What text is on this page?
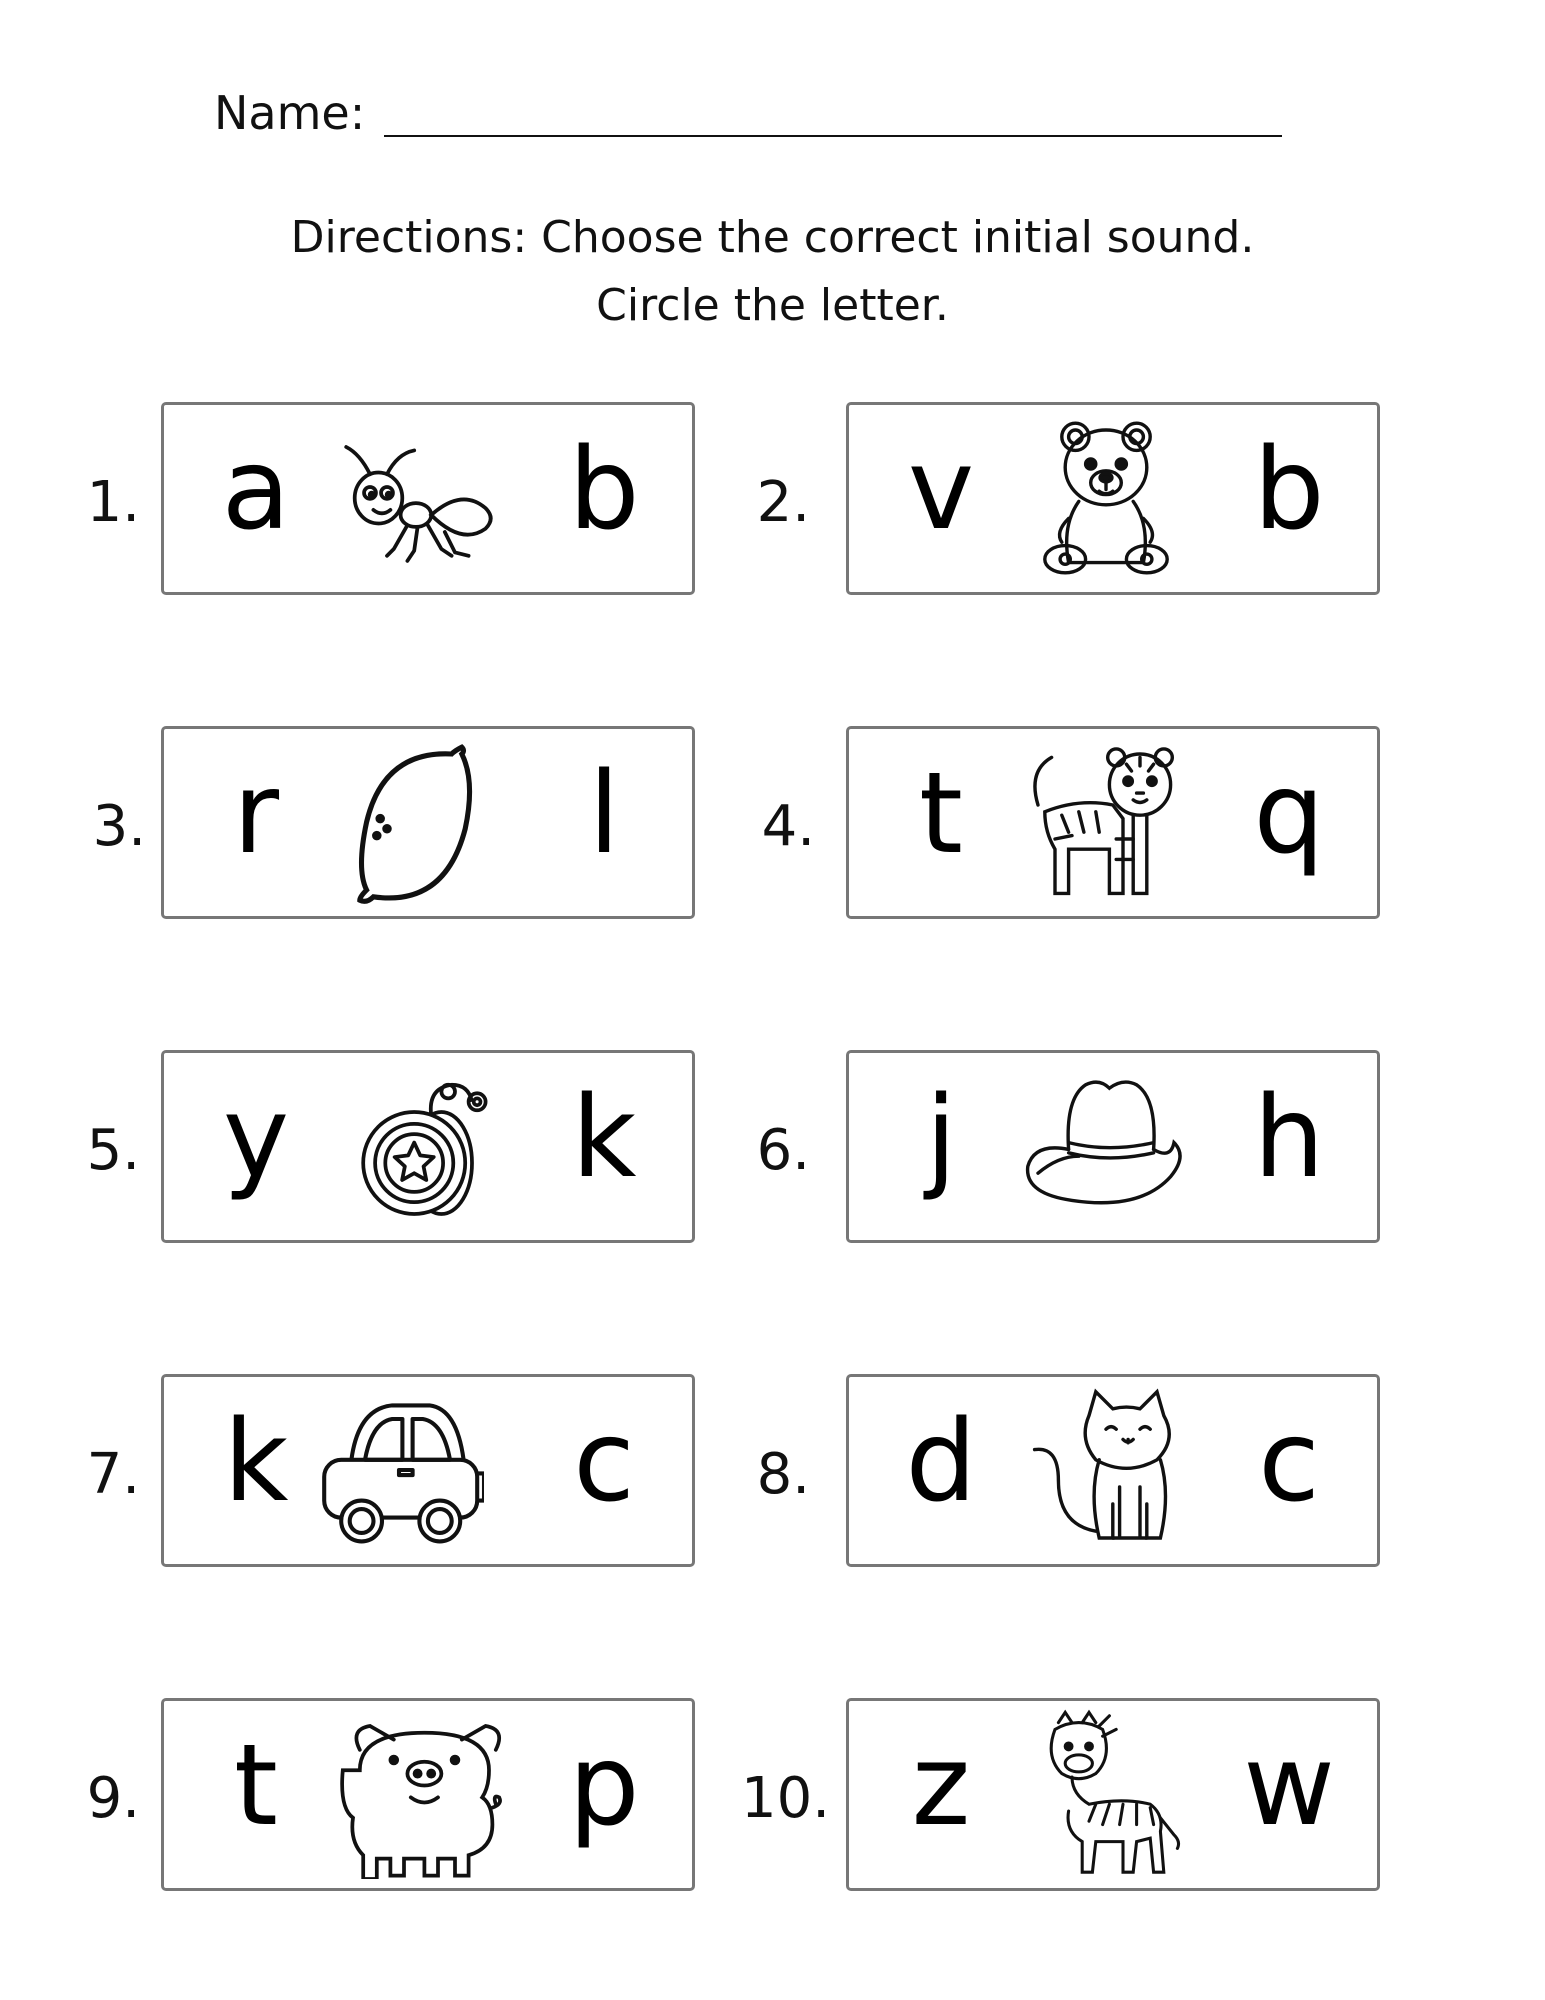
Name:
Directions: Choose the correct initial sound.
Circle the letter.
1. a b	2. v b
3. r	l	4. t	q
5. y	k	6. j	h
7. k	c	8. d	c
9. t	p	10. z w
